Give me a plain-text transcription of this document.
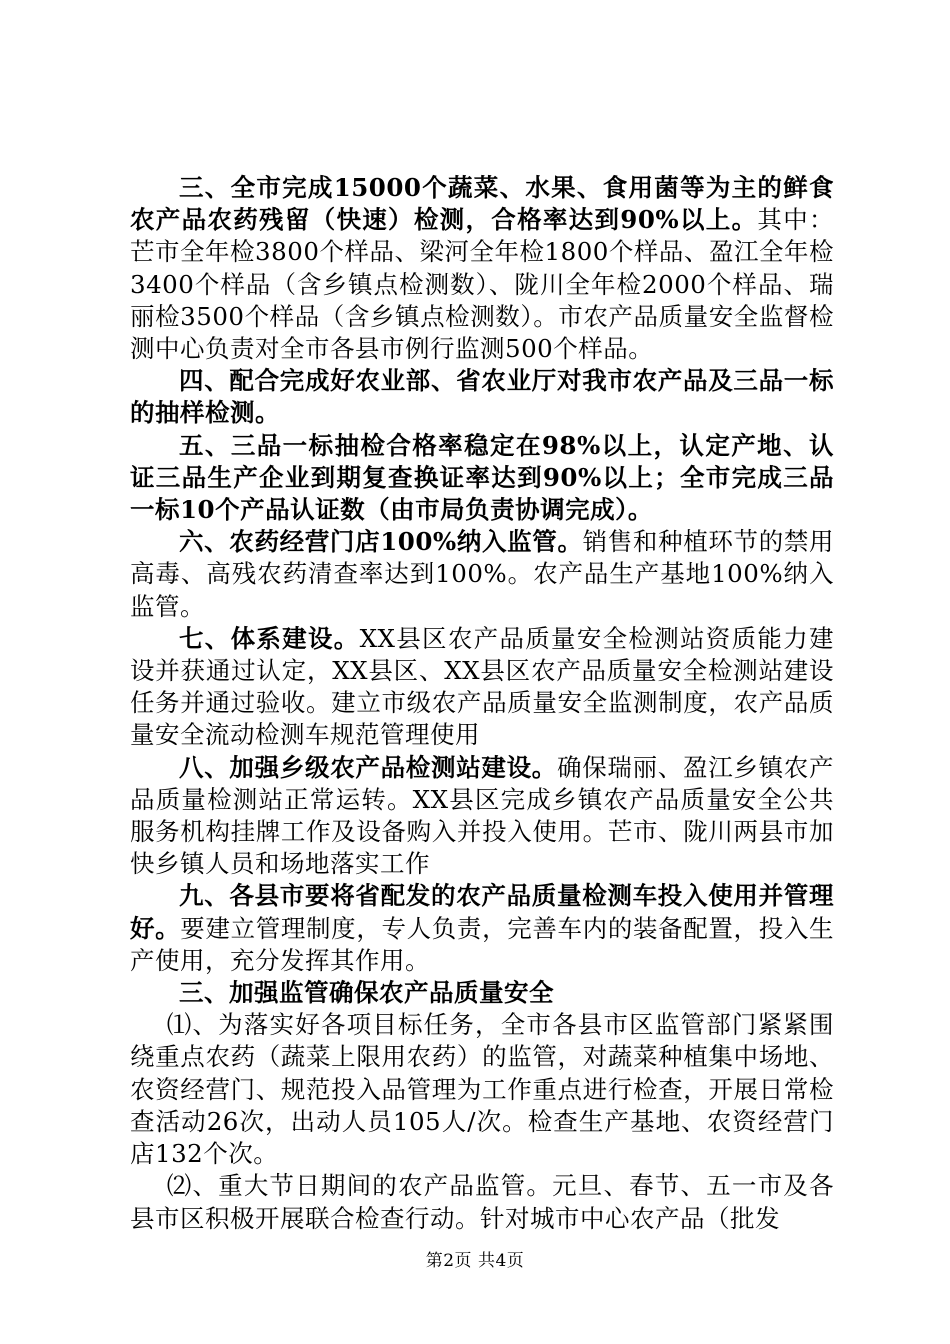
三、全市完成15000个蔬菜、水果、食用菌等为主的鲜食农产品农药残留（快速）检测，合格率达到90%以上。其中：芒市全年检3800个样品、梁河全年检1800个样品、盈江全年检3400个样品（含乡镇点检测数）、陇川全年检2000个样品、瑞丽检3500个样品（含乡镇点检测数）。市农产品质量安全监督检测中心负责对全市各县市例行监测500个样品。

四、配合完成好农业部、省农业厅对我市农产品及三品一标的抽样检测。

五、三品一标抽检合格率稳定在98%以上，认定产地、认证三品生产企业到期复查换证率达到90%以上；全市完成三品一标10个产品认证数（由市局负责协调完成）。

六、农药经营门店100%纳入监管。销售和种植环节的禁用高毒、高残农药清查率达到100%。农产品生产基地100%纳入监管。

七、体系建设。XX县区农产品质量安全检测站资质能力建设并获通过认定，XX县区、XX县区农产品质量安全检测站建设任务并通过验收。建立市级农产品质量安全监测制度，农产品质量安全流动检测车规范管理使用

八、加强乡级农产品检测站建设。确保瑞丽、盈江乡镇农产品质量检测站正常运转。XX县区完成乡镇农产品质量安全公共服务机构挂牌工作及设备购入并投入使用。芒市、陇川两县市加快乡镇人员和场地落实工作

九、各县市要将省配发的农产品质量检测车投入使用并管理好。要建立管理制度，专人负责，完善车内的装备配置，投入生产使用，充分发挥其作用。

三、加强监管确保农产品质量安全

⑴、为落实好各项目标任务，全市各县市区监管部门紧紧围绕重点农药（蔬菜上限用农药）的监管，对蔬菜种植集中场地、农资经营门、规范投入品管理为工作重点进行检查，开展日常检查活动26次，出动人员105人/次。检查生产基地、农资经营门店132个次。

⑵、重大节日期间的农产品监管。元旦、春节、五一市及各县市区积极开展联合检查行动。针对城市中心农产品（批发

第2页 共4页
